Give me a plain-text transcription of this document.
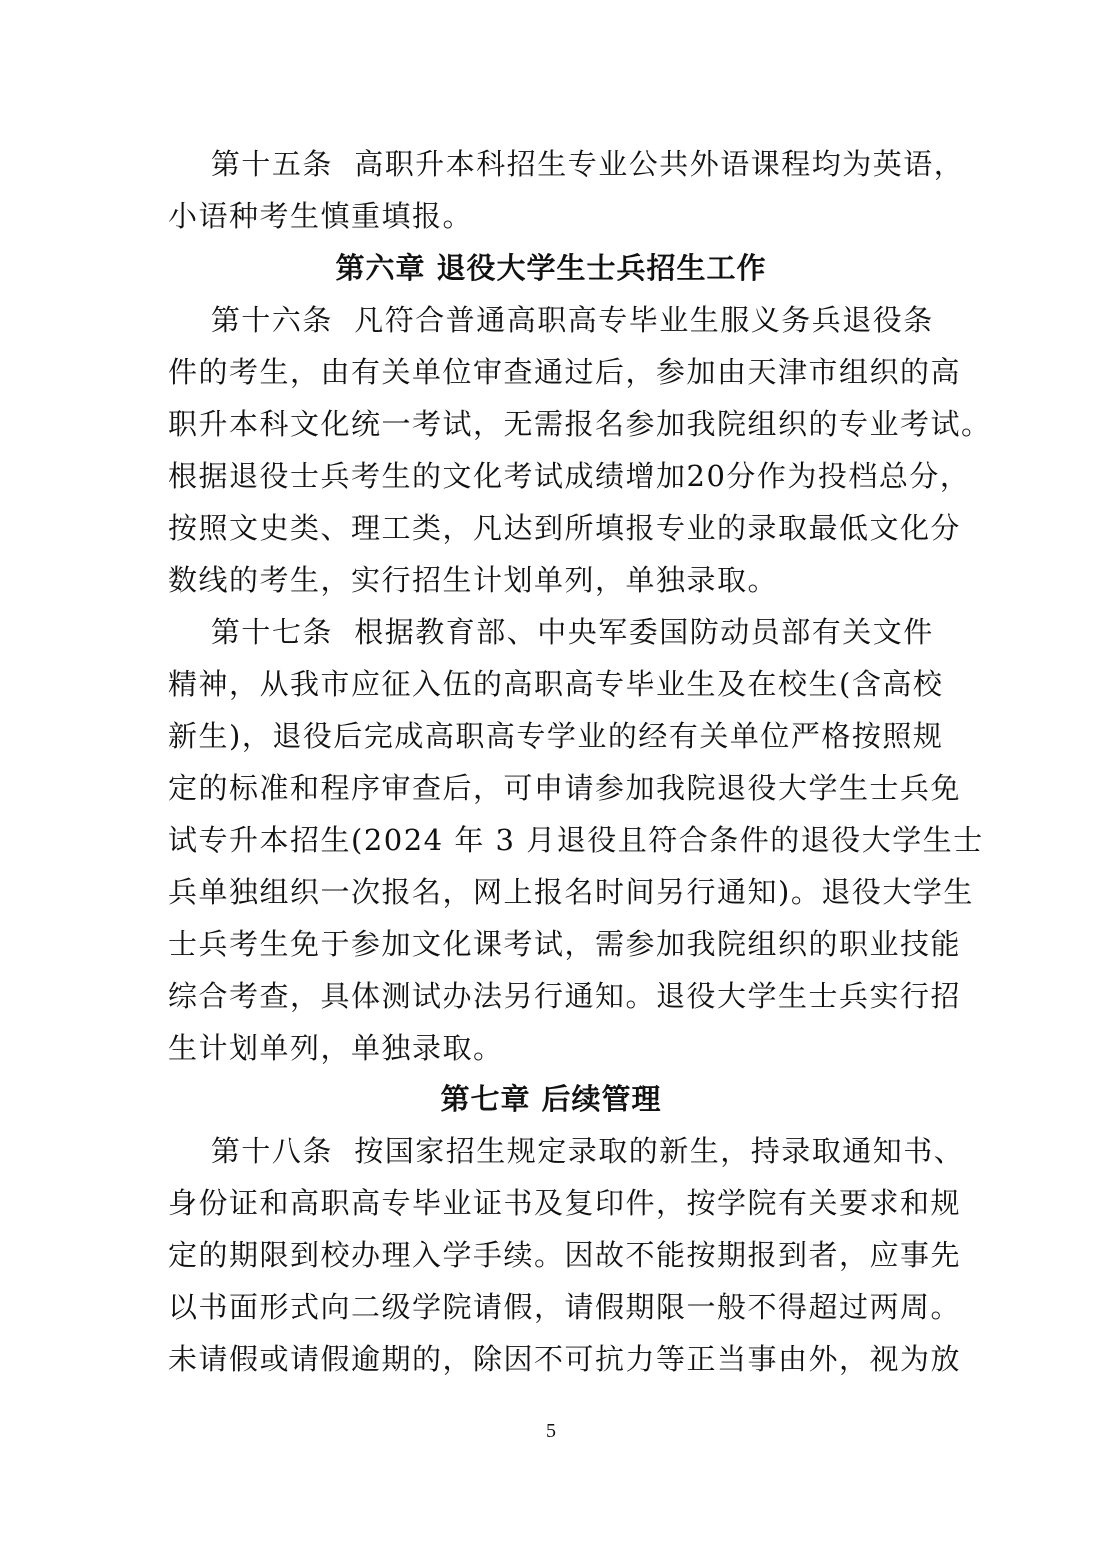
第十五条  高职升本科招生专业公共外语课程均为英语，
小语种考生慎重填报。
第六章 退役大学生士兵招生工作
第十六条  凡符合普通高职高专毕业生服义务兵退役条
件的考生，由有关单位审查通过后，参加由天津市组织的高
职升本科文化统一考试，无需报名参加我院组织的专业考试。
根据退役士兵考生的文化考试成绩增加20分作为投档总分，
按照文史类、理工类，凡达到所填报专业的录取最低文化分
数线的考生，实行招生计划单列，单独录取。
第十七条  根据教育部、中央军委国防动员部有关文件
精神，从我市应征入伍的高职高专毕业生及在校生(含高校
新生)，退役后完成高职高专学业的经有关单位严格按照规
定的标准和程序审查后，可申请参加我院退役大学生士兵免
试专升本招生(2024 年 3 月退役且符合条件的退役大学生士
兵单独组织一次报名，网上报名时间另行通知)。退役大学生
士兵考生免于参加文化课考试，需参加我院组织的职业技能
综合考查，具体测试办法另行通知。退役大学生士兵实行招
生计划单列，单独录取。
第七章 后续管理
第十八条  按国家招生规定录取的新生，持录取通知书、
身份证和高职高专毕业证书及复印件，按学院有关要求和规
定的期限到校办理入学手续。因故不能按期报到者，应事先
以书面形式向二级学院请假，请假期限一般不得超过两周。
未请假或请假逾期的，除因不可抗力等正当事由外，视为放
5
